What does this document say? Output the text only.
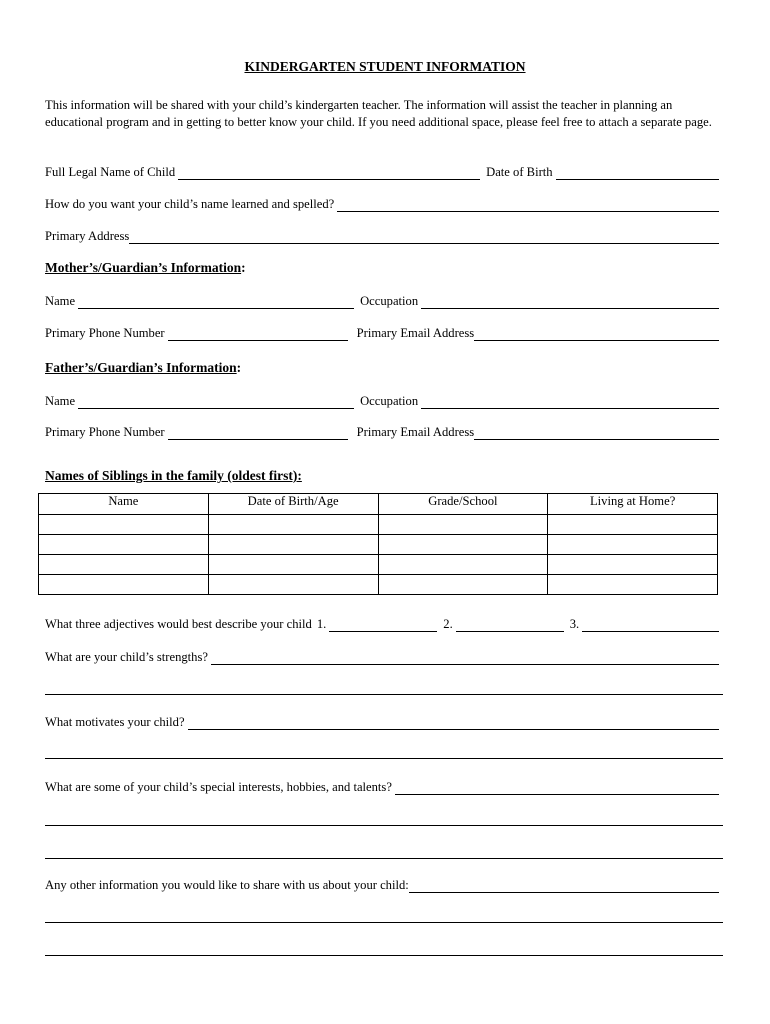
KINDERGARTEN STUDENT INFORMATION
This information will be shared with your child’s kindergarten teacher. The information will assist the teacher in planning an educational program and in getting to better know your child. If you need additional space, please feel free to attach a separate page.
Full Legal Name of Child	Date of Birth
How do you want your child’s name learned and spelled?
Primary Address
Mother’s/Guardian’s Information:
Name	Occupation
Primary Phone Number	Primary Email Address
Father’s/Guardian’s Information:
Name	Occupation
Primary Phone Number	Primary Email Address
Names of Siblings in the family (oldest first):
Name	Date of Birth/Age	Grade/School	Living at Home?

What three adjectives would best describe your child 1.	2.	3.
What are your child’s strengths?
What motivates your child?
What are some of your child’s special interests, hobbies, and talents?
Any other information you would like to share with us about your child:
